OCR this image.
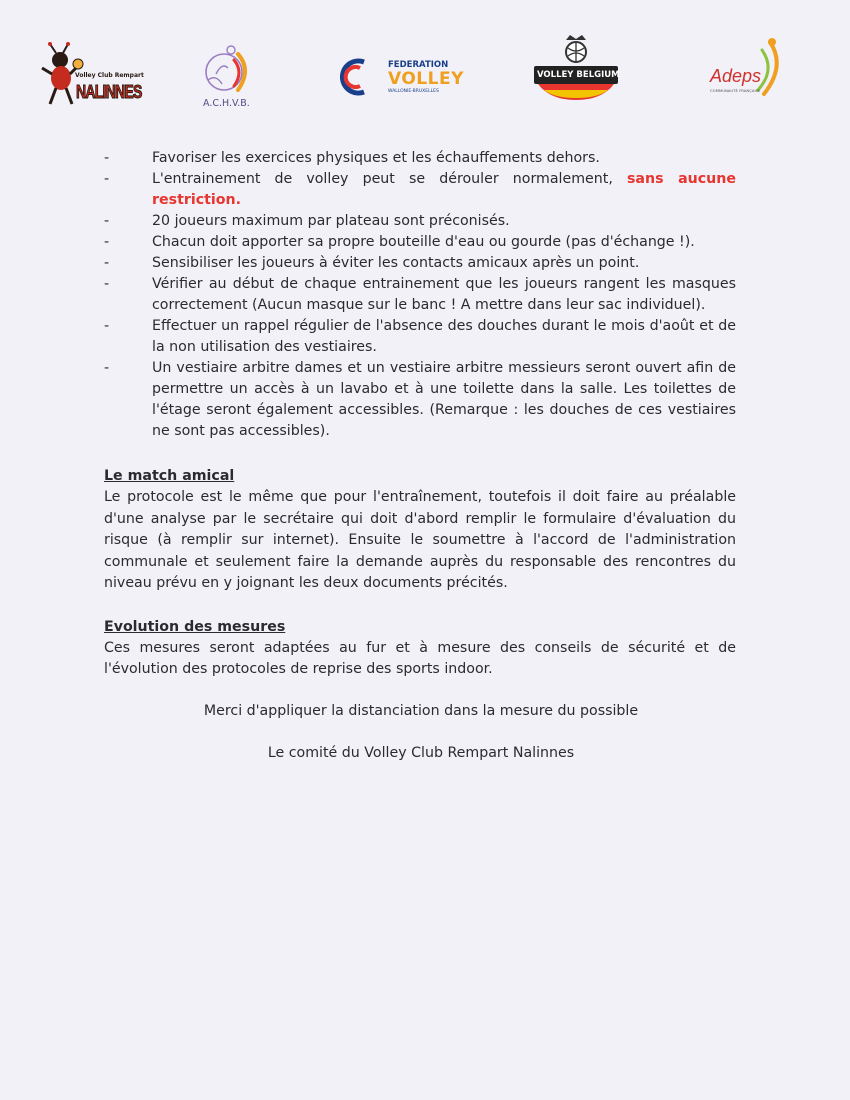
Volley Club Rempart
NALINNES
A.C.H.V.B.
FEDERATION
VOLLEY
WALLONIE-BRUXELLES
VOLLEY BELGIUM	Adeps
COMMUNAUTÉ FRANÇAISE
-	Favoriser les exercices physiques et les échauffements dehors.
-	L'entrainement de volley peut se dérouler normalement, sans aucune restriction.
-	20 joueurs maximum par plateau sont préconisés.
-	Chacun doit apporter sa propre bouteille d'eau ou gourde (pas d'échange !).
-	Sensibiliser les joueurs à éviter les contacts amicaux après un point.
-	Vérifier au début de chaque entrainement que les joueurs rangent les masques correctement (Aucun masque sur le banc ! A mettre dans leur sac individuel).
-	Effectuer un rappel régulier de l'absence des douches durant le mois d'août et de la non utilisation des vestiaires.
-	Un vestiaire arbitre dames et un vestiaire arbitre messieurs seront ouvert afin de permettre un accès à un lavabo et à une toilette dans la salle. Les toilettes de l'étage seront également accessibles. (Remarque : les douches de ces vestiaires ne sont pas accessibles).
Le match amical

Le protocole est le même que pour l'entraînement, toutefois il doit faire au préalable d'une analyse par le secrétaire qui doit d'abord remplir le formulaire d'évaluation du risque (à remplir sur internet). Ensuite le soumettre à l'accord de l'administration communale et seulement faire la demande auprès du responsable des rencontres du niveau prévu en y joignant les deux documents précités.

Evolution des mesures

Ces mesures seront adaptées au fur et à mesure des conseils de sécurité et de l'évolution des protocoles de reprise des sports indoor.

Merci d'appliquer la distanciation dans la mesure du possible
Le comité du Volley Club Rempart Nalinnes
